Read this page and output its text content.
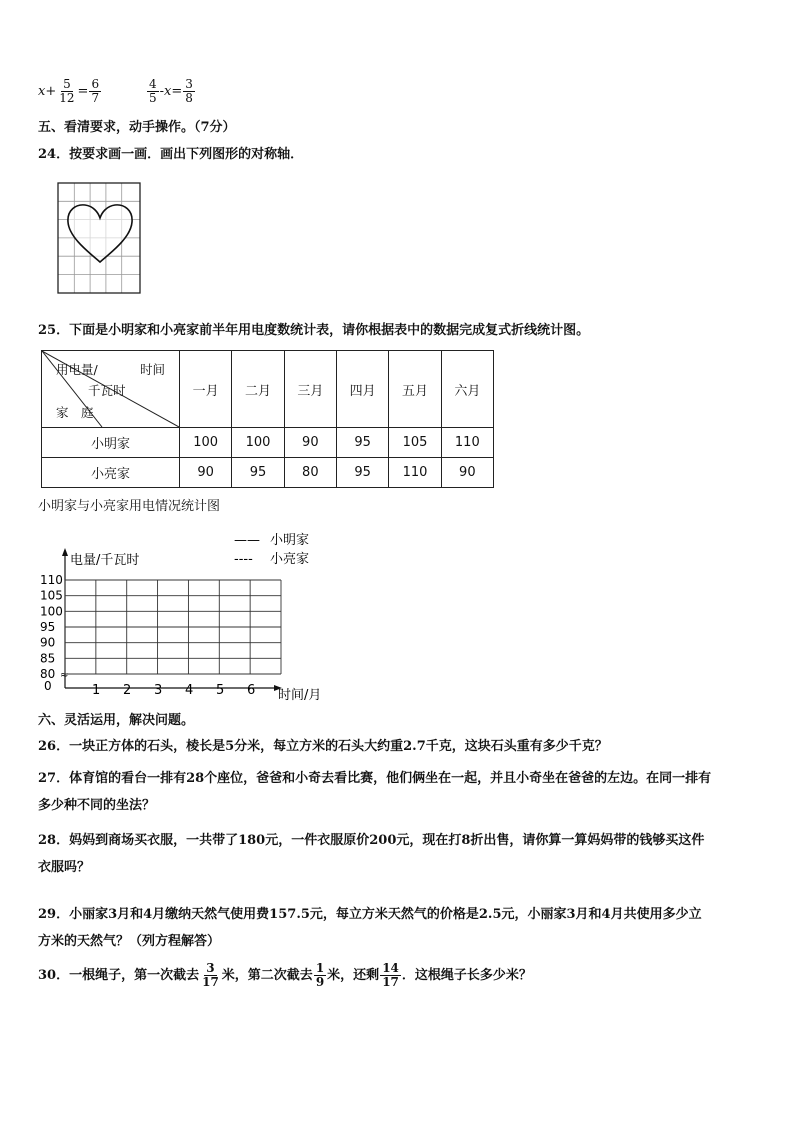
$x + \frac{5}{12} = \frac{6}{7}$	$\frac{4}{5} - x = \frac{3}{8}$
五、看清要求，动手操作。（7分）
24．按要求画一画．画出下列图形的对称轴．
25．下面是小明家和小亮家前半年用电度数统计表，请你根据表中的数据完成复式折线统计图。
用电量/ 时间
千瓦时
家　庭	一月	二月	三月	四月	五月	六月
小明家	100	100	90	95	105	110
小亮家	90	95	80	95	110	90
小明家与小亮家用电情况统计图
—— 小明家
---- 小亮家
电量/千瓦时
时间/月
≈
0
80
85
90
95
100
105
110
1 2 3 4 5 6
六、灵活运用，解决问题。
26．一块正方体的石头，棱长是5分米，每立方米的石头大约重2.7千克，这块石头重有多少千克？
27．体育馆的看台一排有28个座位，爸爸和小奇去看比赛，他们俩坐在一起，并且小奇坐在爸爸的左边。在同一排有
多少种不同的坐法？
28．妈妈到商场买衣服，一共带了180元，一件衣服原价200元，现在打8折出售，请你算一算妈妈带的钱够买这件
衣服吗？
29．小丽家3月和4月缴纳天然气使用费157.5元，每立方米天然气的价格是2.5元，小丽家3月和4月共使用多少立
方米的天然气？（列方程解答）
30．一根绳子，第一次截去 $\frac{3}{17}$ 米，第二次截去 $\frac{1}{9}$ 米，还剩 $\frac{14}{17}$ ．这根绳子长多少米？
